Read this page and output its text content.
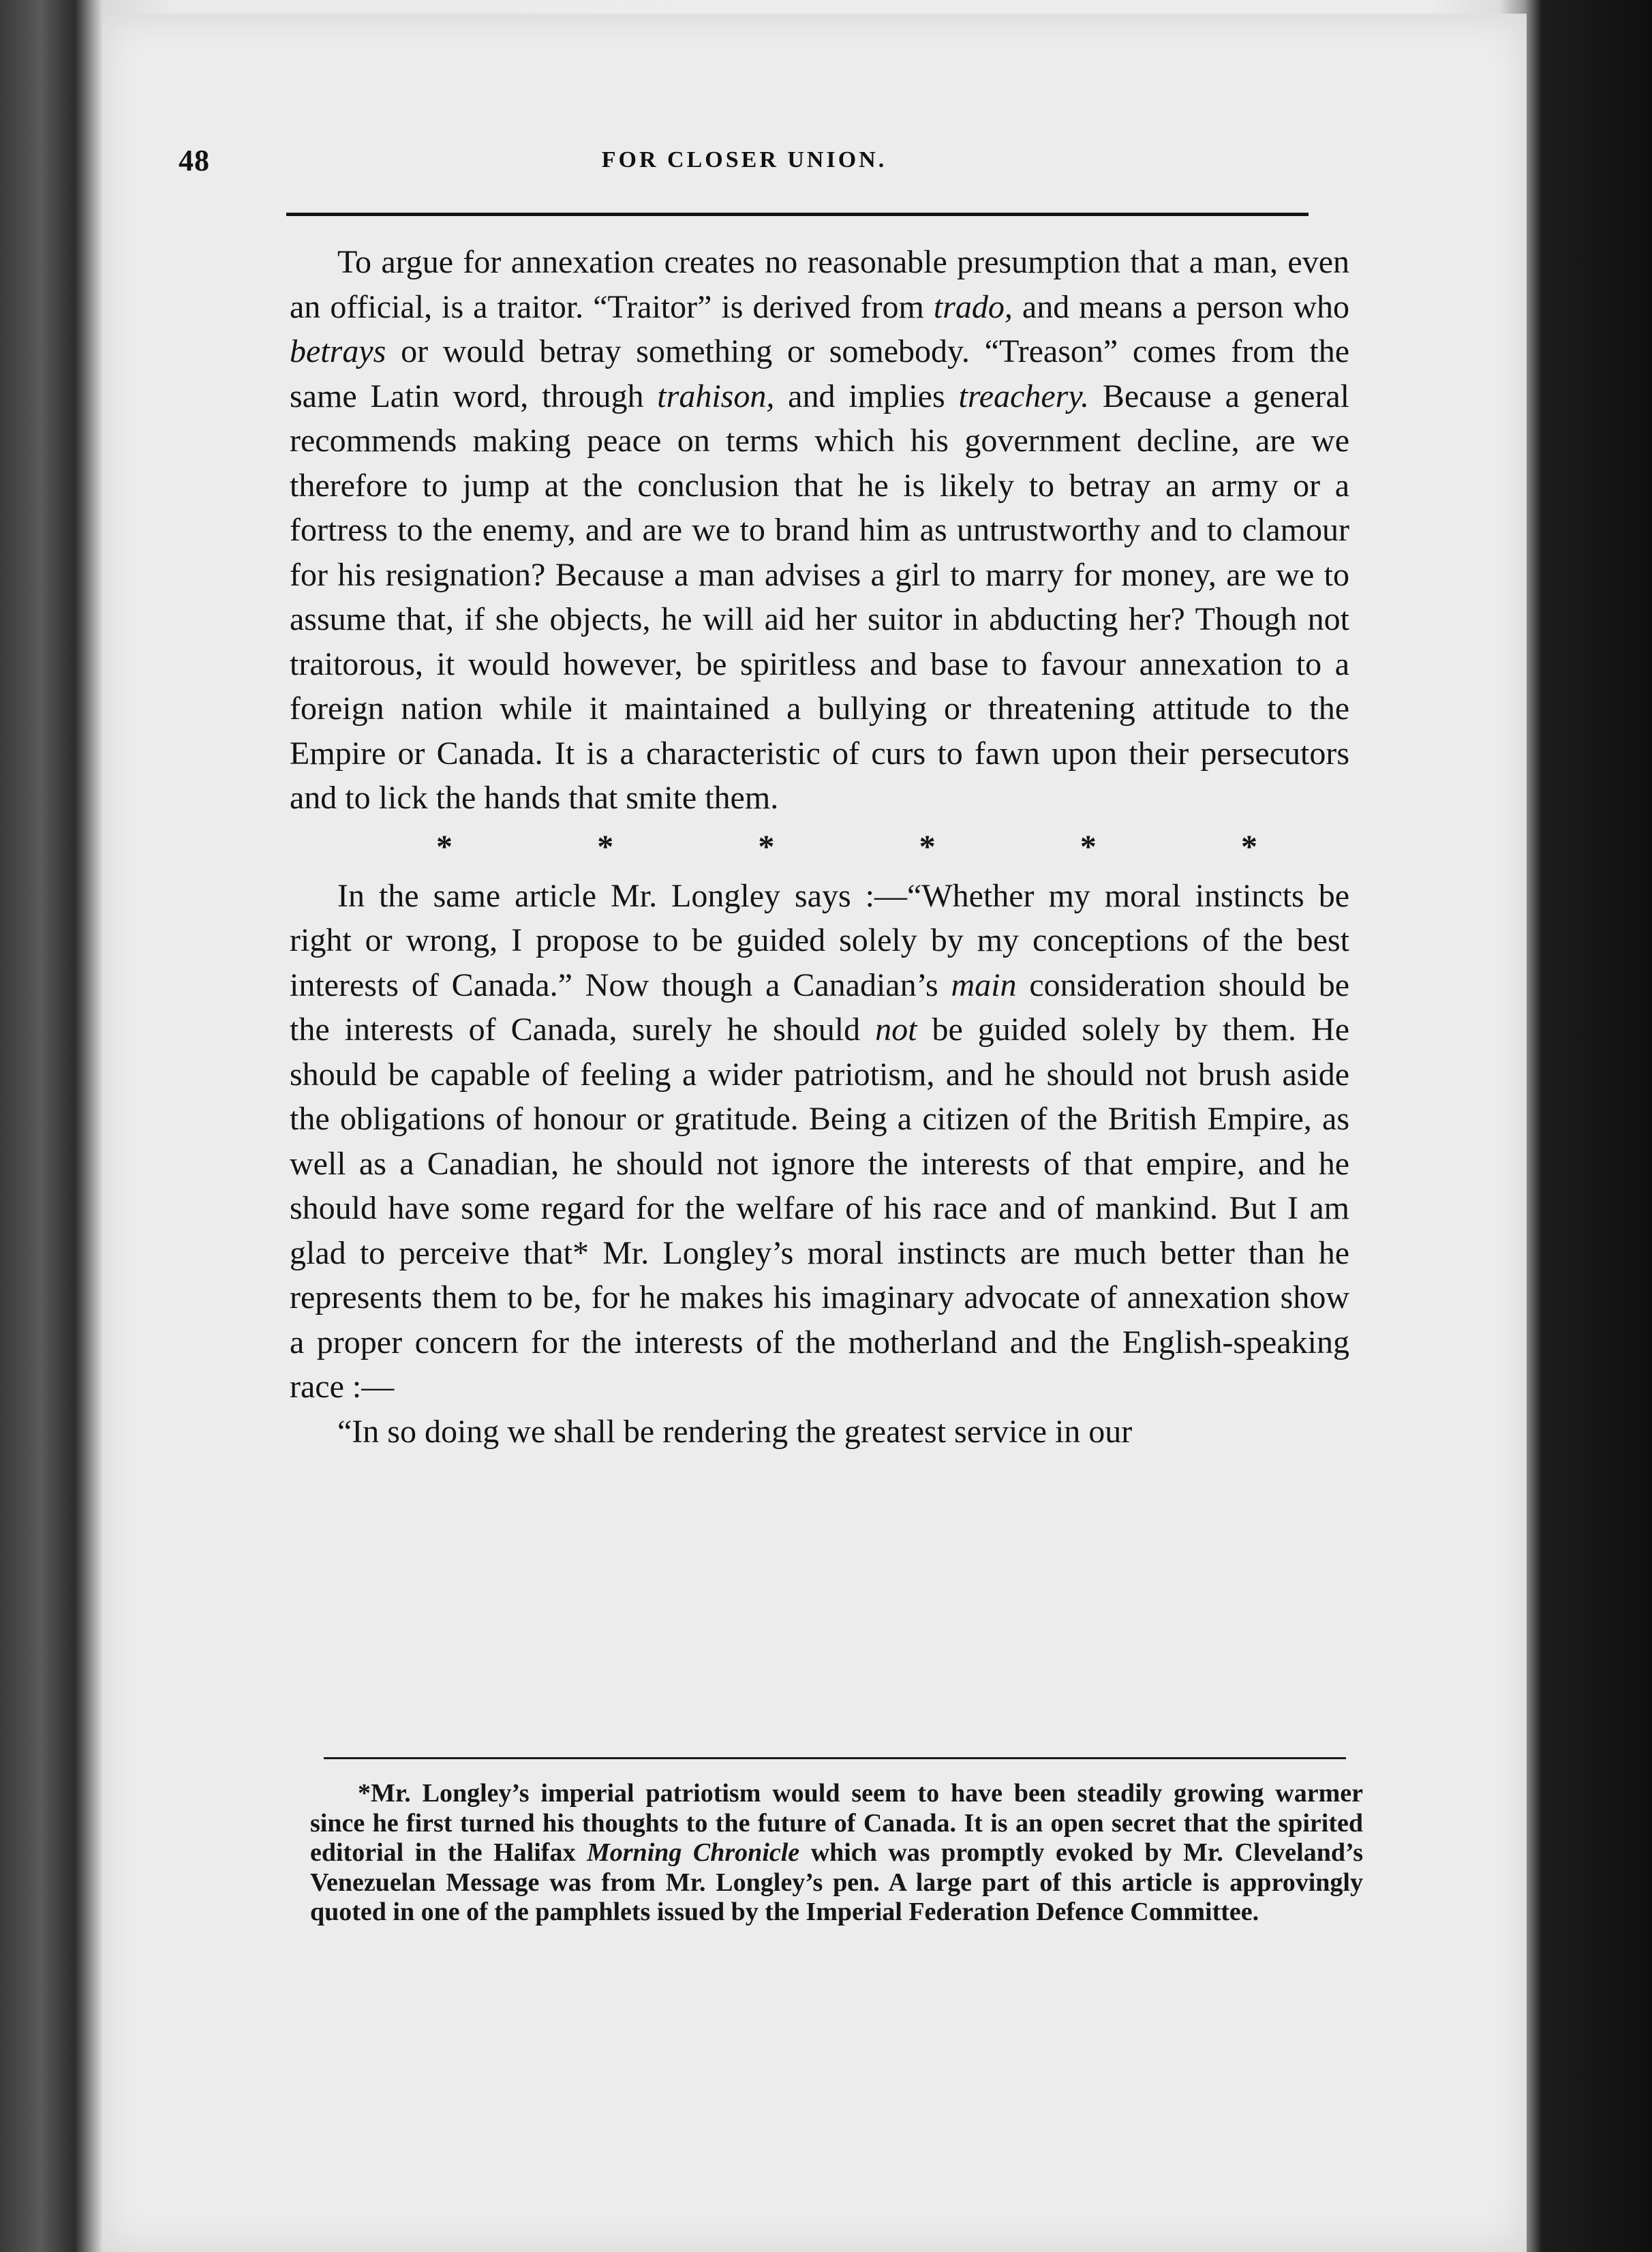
48	FOR CLOSER UNION.

To argue for annexation creates no reasonable presumption that a man, even an official, is a traitor. “Traitor” is derived from trado, and means a person who betrays or would betray something or somebody. “Treason” comes from the same Latin word, through trahison, and implies treachery. Because a general recommends making peace on terms which his government decline, are we therefore to jump at the conclusion that he is likely to betray an army or a fortress to the enemy, and are we to brand him as untrustworthy and to clamour for his resignation? Because a man advises a girl to marry for money, are we to assume that, if she objects, he will aid her suitor in abducting her? Though not traitorous, it would however, be spiritless and base to favour annexation to a foreign nation while it maintained a bullying or threatening attitude to the Empire or Canada. It is a characteristic of curs to fawn upon their persecutors and to lick the hands that smite them.

*	*	*	*	*	*

In the same article Mr. Longley says :—“Whether my moral instincts be right or wrong, I propose to be guided solely by my conceptions of the best interests of Canada.” Now though a Canadian’s main consideration should be the interests of Canada, surely he should not be guided solely by them. He should be capable of feeling a wider patriotism, and he should not brush aside the obligations of honour or gratitude. Being a citizen of the British Empire, as well as a Canadian, he should not ignore the interests of that empire, and he should have some regard for the welfare of his race and of mankind. But I am glad to perceive that* Mr. Longley’s moral instincts are much better than he represents them to be, for he makes his imaginary advocate of annexation show a proper concern for the interests of the motherland and the English-speaking race :—

“In so doing we shall be rendering the greatest service in our

*Mr. Longley’s imperial patriotism would seem to have been steadily growing warmer since he first turned his thoughts to the future of Canada. It is an open secret that the spirited editorial in the Halifax Morning Chronicle which was promptly evoked by Mr. Cleveland’s Venezuelan Message was from Mr. Longley’s pen. A large part of this article is approvingly quoted in one of the pamphlets issued by the Imperial Federation Defence Committee.
